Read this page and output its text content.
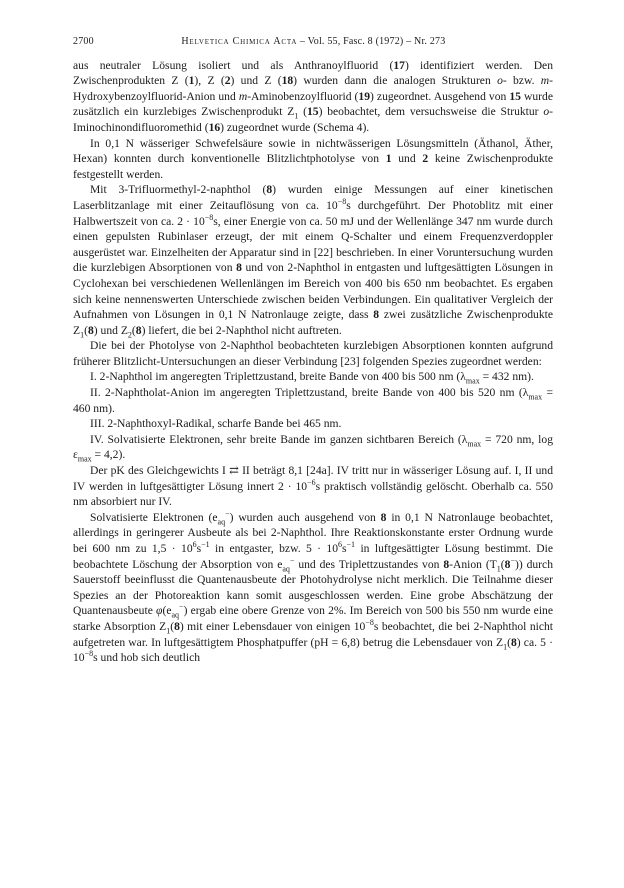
2700	Helvetica Chimica Acta – Vol. 55, Fasc. 8 (1972) – Nr. 273

aus neutraler Lösung isoliert und als Anthranoylfluorid (17) identifiziert werden. Den Zwischenprodukten Z (1), Z (2) und Z (18) wurden dann die analogen Strukturen o- bzw. m-Hydroxybenzoylfluorid-Anion und m-Aminobenzoylfluorid (19) zugeordnet. Ausgehend von 15 wurde zusätzlich ein kurzlebiges Zwischenprodukt $Z_1$ (15) beobachtet, dem versuchsweise die Struktur o-Iminochinondifluoromethid (16) zugeordnet wurde (Schema 4).

In 0,1 N wässeriger Schwefelsäure sowie in nichtwässerigen Lösungsmitteln (Äthanol, Äther, Hexan) konnten durch konventionelle Blitzlichtphotolyse von 1 und 2 keine Zwischenprodukte festgestellt werden.

Mit 3-Trifluormethyl-2-naphthol (8) wurden einige Messungen auf einer kinetischen Laserblitzanlage mit einer Zeitauflösung von ca. $10^{-8}s$ durchgeführt. Der Photoblitz mit einer Halbwertszeit von ca. $2 \cdot 10^{-8}s$, einer Energie von ca. 50 mJ und der Wellenlänge 347 nm wurde durch einen gepulsten Rubinlaser erzeugt, der mit einem Q-Schalter und einem Frequenzverdoppler ausgerüstet war. Einzelheiten der Apparatur sind in [22] beschrieben. In einer Voruntersuchung wurden die kurzlebigen Absorptionen von 8 und von 2-Naphthol in entgasten und luftgesättigten Lösungen in Cyclohexan bei verschiedenen Wellenlängen im Bereich von 400 bis 650 nm beobachtet. Es ergaben sich keine nennenswerten Unterschiede zwischen beiden Verbindungen. Ein qualitativer Vergleich der Aufnahmen von Lösungen in 0,1 N Natronlauge zeigte, dass 8 zwei zusätzliche Zwischenprodukte $Z_1(8)$ und $Z_2(8)$ liefert, die bei 2-Naphthol nicht auftreten.

Die bei der Photolyse von 2-Naphthol beobachteten kurzlebigen Absorptionen konnten aufgrund früherer Blitzlicht-Untersuchungen an dieser Verbindung [23] folgenden Spezies zugeordnet werden:

I. 2-Naphthol im angeregten Triplettzustand, breite Bande von 400 bis 500 nm ($\lambda_{max} = 432$ nm).

II. 2-Naphtholat-Anion im angeregten Triplettzustand, breite Bande von 400 bis 520 nm ($\lambda_{max} = 460$ nm).

III. 2-Naphthoxyl-Radikal, scharfe Bande bei 465 nm.

IV. Solvatisierte Elektronen, sehr breite Bande im ganzen sichtbaren Bereich ($\lambda_{max} = 720$ nm, $\log \varepsilon_{max} = 4,2$).

Der pK des Gleichgewichts I ⇄ II beträgt 8,1 [24a]. IV tritt nur in wässeriger Lösung auf. I, II und IV werden in luftgesättigter Lösung innert $2 \cdot 10^{-6}s$ praktisch vollständig gelöscht. Oberhalb ca. 550 nm absorbiert nur IV.

Solvatisierte Elektronen $(e_{aq}^-)$ wurden auch ausgehend von 8 in 0,1 N Natronlauge beobachtet, allerdings in geringerer Ausbeute als bei 2-Naphthol. Ihre Reaktionskonstante erster Ordnung wurde bei 600 nm zu $1,5 \cdot 10^6s^{-1}$ in entgaster, bzw. $5 \cdot 10^6s^{-1}$ in luftgesättigter Lösung bestimmt. Die beobachtete Löschung der Absorption von $e_{aq}^-$ und des Triplettzustandes von 8-Anion $(T_1(8^-))$ durch Sauerstoff beeinflusst die Quantenausbeute der Photohydrolyse nicht merklich. Die Teilnahme dieser Spezies an der Photoreaktion kann somit ausgeschlossen werden. Eine grobe Abschätzung der Quantenausbeute $\varphi(e_{aq}^-)$ ergab eine obere Grenze von 2%. Im Bereich von 500 bis 550 nm wurde eine starke Absorption $Z_1(8)$ mit einer Lebensdauer von einigen $10^{-8}s$ beobachtet, die bei 2-Naphthol nicht aufgetreten war. In luftgesättigtem Phosphatpuffer (pH = 6,8) betrug die Lebensdauer von $Z_1(8)$ ca. $5 \cdot 10^{-8}s$ und hob sich deutlich
